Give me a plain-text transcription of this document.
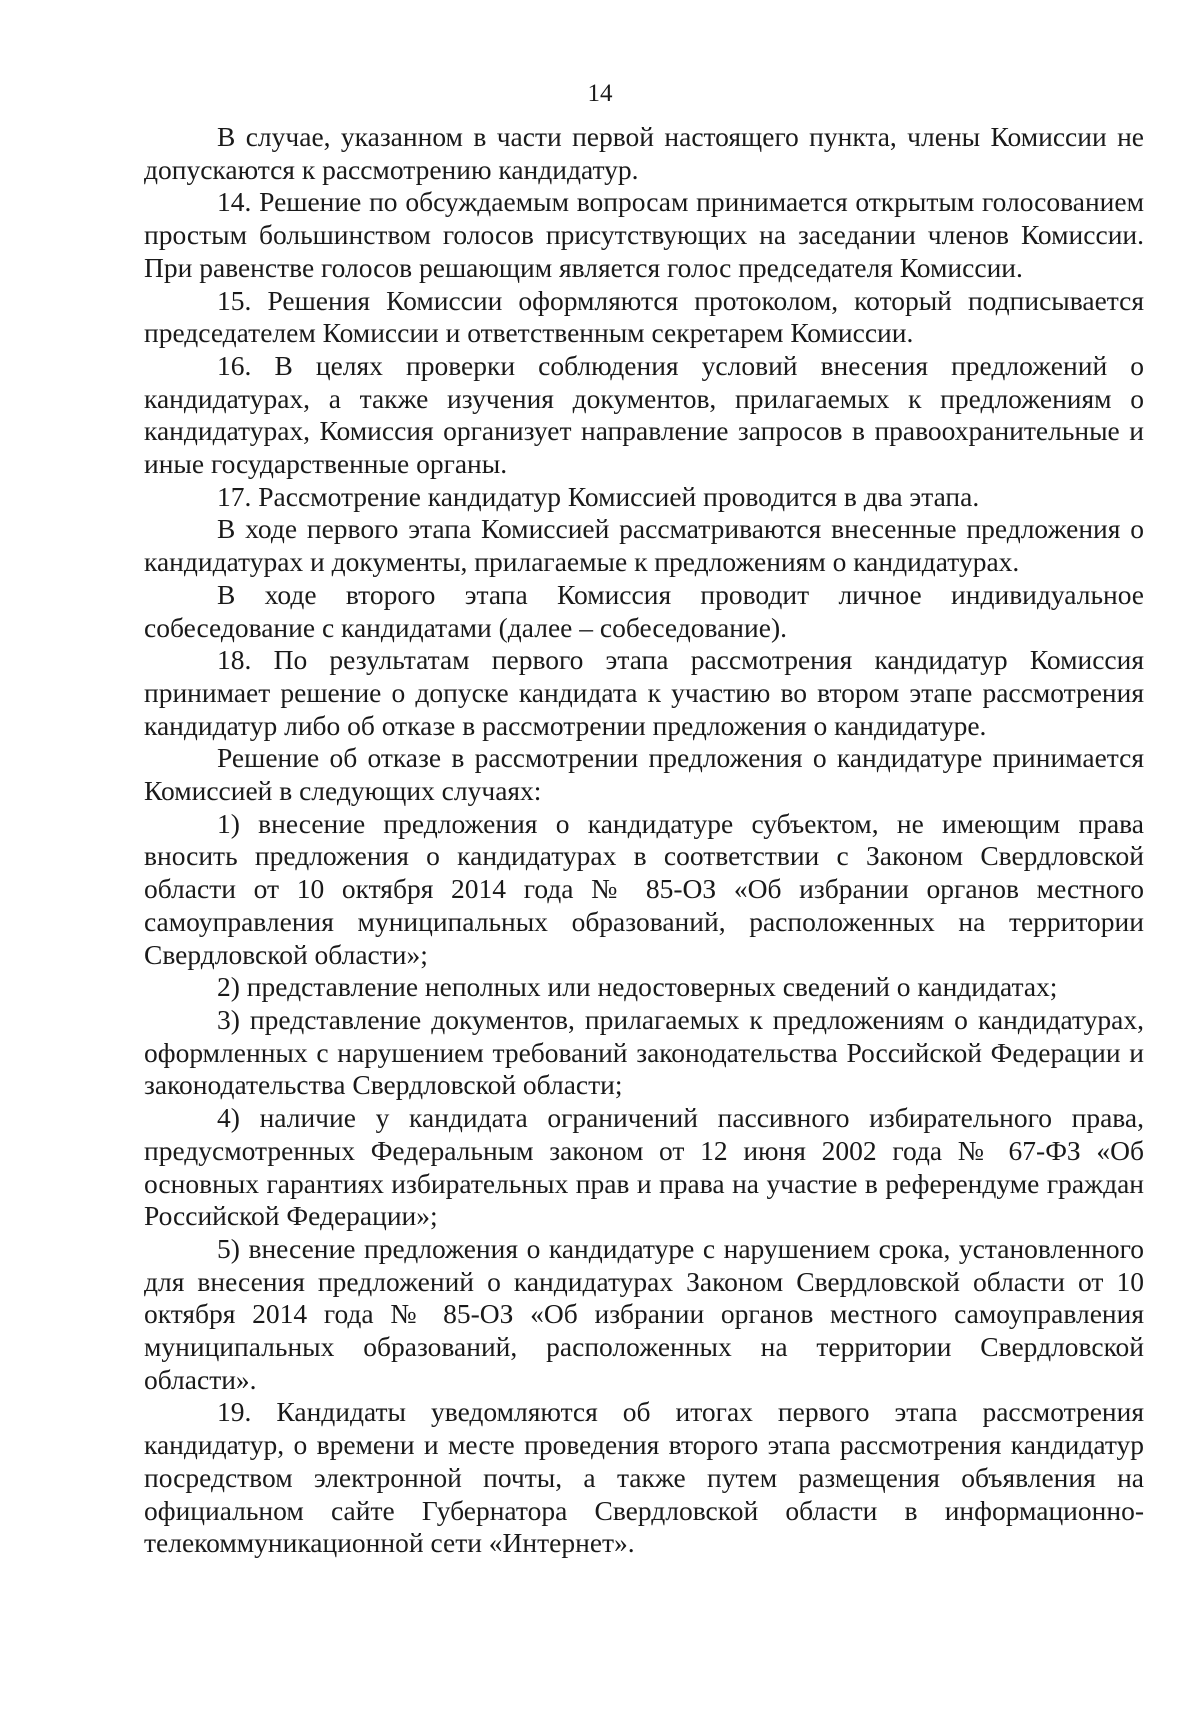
14

В случае, указанном в части первой настоящего пункта, члены Комиссии не допускаются к рассмотрению кандидатур.

14. Решение по обсуждаемым вопросам принимается открытым голосованием простым большинством голосов присутствующих на заседании членов Комиссии. При равенстве голосов решающим является голос председателя Комиссии.

15. Решения Комиссии оформляются протоколом, который подписывается председателем Комиссии и ответственным секретарем Комиссии.

16. В целях проверки соблюдения условий внесения предложений о кандидатурах, а также изучения документов, прилагаемых к предложениям о кандидатурах, Комиссия организует направление запросов в правоохранительные и иные государственные органы.

17. Рассмотрение кандидатур Комиссией проводится в два этапа.

В ходе первого этапа Комиссией рассматриваются внесенные предложения о кандидатурах и документы, прилагаемые к предложениям о кандидатурах.

В ходе второго этапа Комиссия проводит личное индивидуальное собеседование с кандидатами (далее – собеседование).

18. По результатам первого этапа рассмотрения кандидатур Комиссия принимает решение о допуске кандидата к участию во втором этапе рассмотрения кандидатур либо об отказе в рассмотрении предложения о кандидатуре.

Решение об отказе в рассмотрении предложения о кандидатуре принимается Комиссией в следующих случаях:

1) внесение предложения о кандидатуре субъектом, не имеющим права вносить предложения о кандидатурах в соответствии с Законом Свердловской области от 10 октября 2014 года № 85-ОЗ «Об избрании органов местного самоуправления муниципальных образований, расположенных на территории Свердловской области»;

2) представление неполных или недостоверных сведений о кандидатах;

3) представление документов, прилагаемых к предложениям о кандидатурах, оформленных с нарушением требований законодательства Российской Федерации и законодательства Свердловской области;

4) наличие у кандидата ограничений пассивного избирательного права, предусмотренных Федеральным законом от 12 июня 2002 года № 67-ФЗ «Об основных гарантиях избирательных прав и права на участие в референдуме граждан Российской Федерации»;

5) внесение предложения о кандидатуре с нарушением срока, установленного для внесения предложений о кандидатурах Законом Свердловской области от 10 октября 2014 года № 85-ОЗ «Об избрании органов местного самоуправления муниципальных образований, расположенных на территории Свердловской области».

19. Кандидаты уведомляются об итогах первого этапа рассмотрения кандидатур, о времени и месте проведения второго этапа рассмотрения кандидатур посредством электронной почты, а также путем размещения объявления на официальном сайте Губернатора Свердловской области в информационно-телекоммуникационной сети «Интернет».
